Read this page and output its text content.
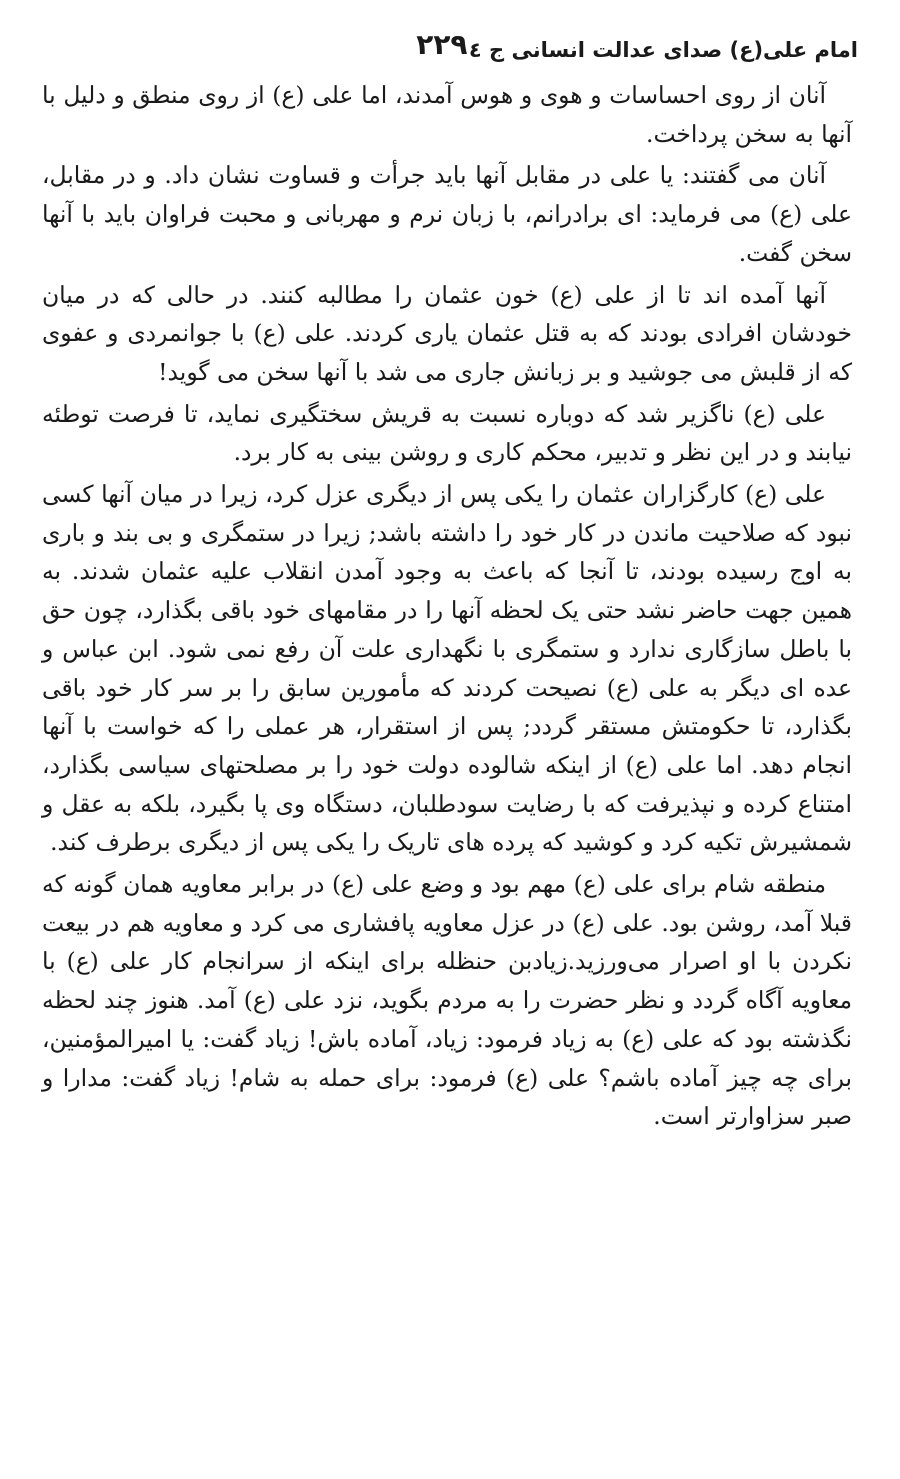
امام علی(ع) صدای عدالت انسانی ج ٤
٢٢٩

آنان از روی احساسات و هوی و هوس آمدند، اما علی (ع) از روی منطق و دلیل با آنها به سخن پرداخت.

آنان می گفتند: یا علی در مقابل آنها باید جرأت و قساوت نشان داد. و در مقابل، علی (ع) می فرماید: ای برادرانم، با زبان نرم و مهربانی و محبت فراوان باید با آنها سخن گفت.

آنها آمده اند تا از علی (ع) خون عثمان را مطالبه کنند. در حالی که در میان خودشان افرادی بودند که به قتل عثمان یاری کردند. علی (ع) با جوانمردی و عفوی که از قلبش می جوشید و بر زبانش جاری می شد با آنها سخن می گوید!

علی (ع) ناگزیر شد که دوباره نسبت به قریش سختگیری نماید، تا فرصت توطئه نیابند و در این نظر و تدبیر، محکم کاری و روشن بینی به کار برد.

علی (ع) کارگزاران عثمان را یکی پس از دیگری عزل کرد، زیرا در میان آنها کسی نبود که صلاحیت ماندن در کار خود را داشته باشد; زیرا در ستمگری و بی بند و باری به اوج رسیده بودند، تا آنجا که باعث به وجود آمدن انقلاب علیه عثمان شدند. به همین جهت حاضر نشد حتی یک لحظه آنها را در مقامهای خود باقی بگذارد، چون حق با باطل سازگاری ندارد و ستمگری با نگهداری علت آن رفع نمی شود. ابن عباس و عده ای دیگر به علی (ع) نصیحت کردند که مأمورین سابق را بر سر کار خود باقی بگذارد، تا حکومتش مستقر گردد; پس از استقرار، هر عملی را که خواست با آنها انجام دهد. اما علی (ع) از اینکه شالوده دولت خود را بر مصلحتهای سیاسی بگذارد، امتناع کرده و نپذیرفت که با رضایت سودطلبان، دستگاه وی پا بگیرد، بلکه به عقل و شمشیرش تکیه کرد و کوشید که پرده های تاریک را یکی پس از دیگری برطرف کند.

منطقه شام برای علی (ع) مهم بود و وضع علی (ع) در برابر معاویه همان گونه که قبلا آمد، روشن بود. علی (ع) در عزل معاویه پافشاری می کرد و معاویه هم در بیعت نکردن با او اصرار می‌ورزید.زیادبن حنظله برای اینکه از سرانجام کار علی (ع) با معاویه آگاه گردد و نظر حضرت را به مردم بگوید، نزد علی (ع) آمد. هنوز چند لحظه نگذشته بود که علی (ع) به زیاد فرمود: زیاد، آماده باش! زیاد گفت: یا امیرالمؤمنین، برای چه چیز آماده باشم؟ علی (ع) فرمود: برای حمله به شام! زیاد گفت: مدارا و صبر سزاوارتر است.
